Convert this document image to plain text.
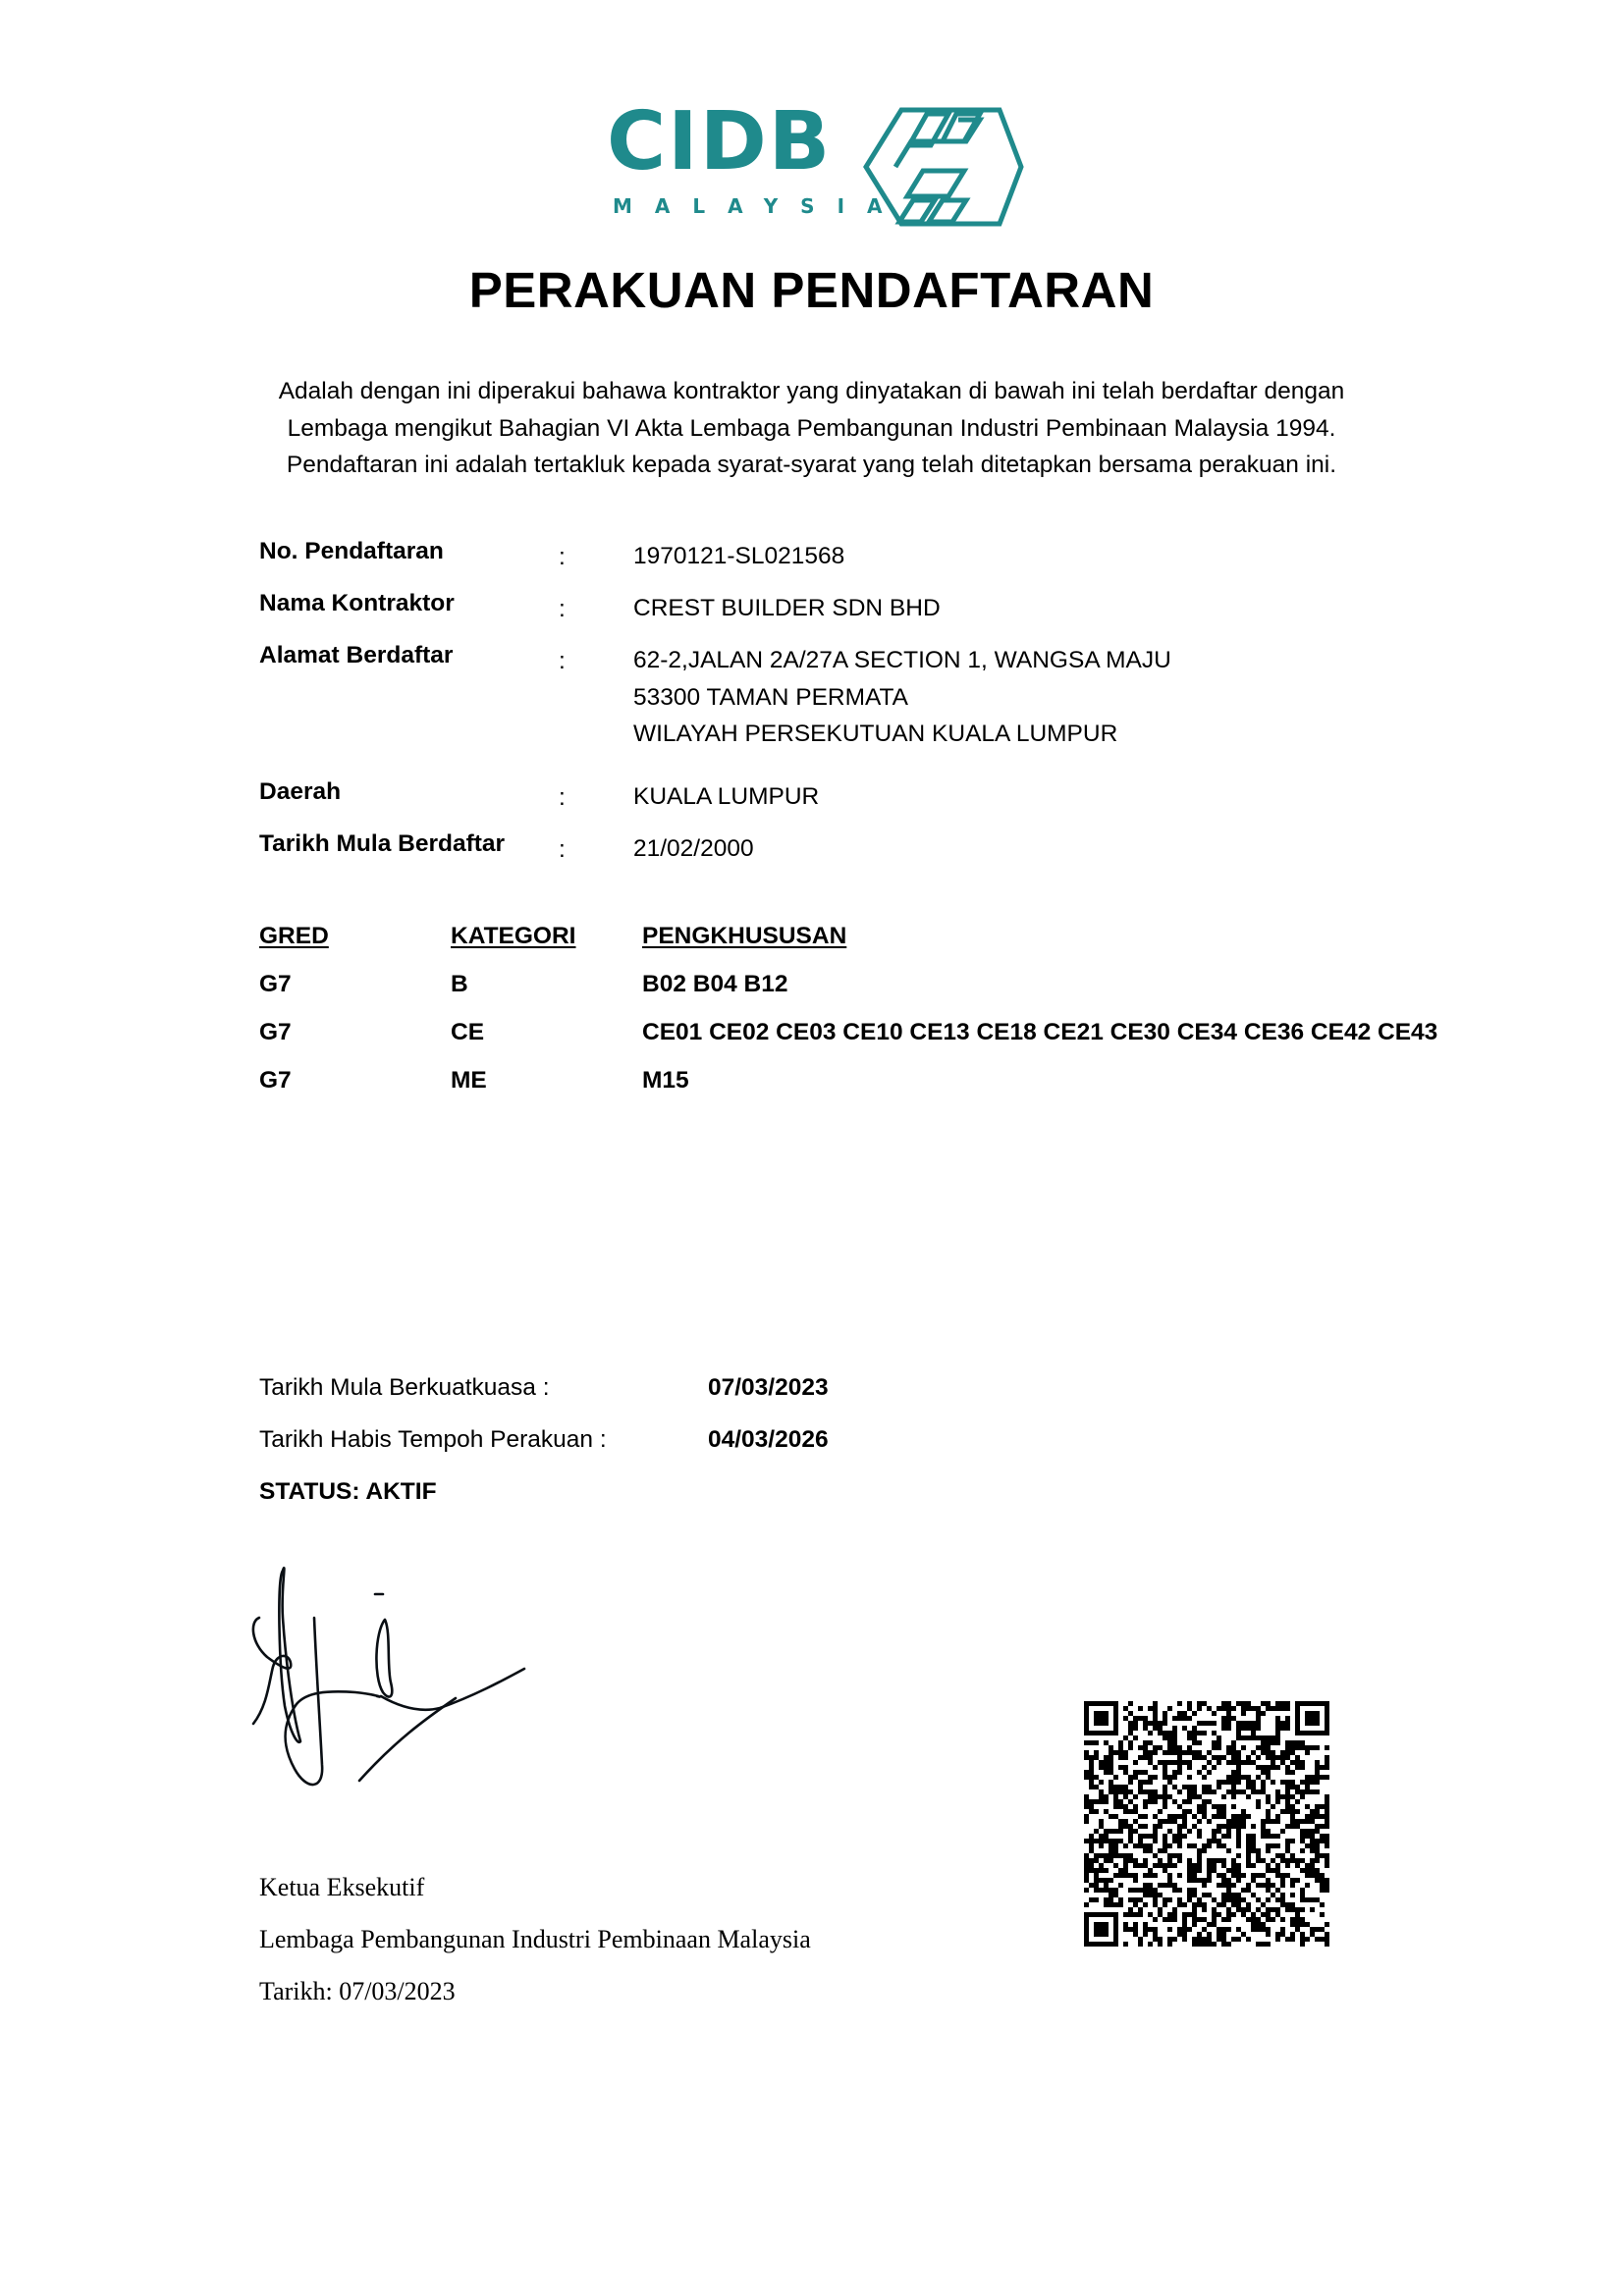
CIDB
MALAYSIA
PERAKUAN PENDAFTARAN
Adalah dengan ini diperakui bahawa kontraktor yang dinyatakan di bawah ini telah berdaftar dengan
Lembaga mengikut Bahagian VI Akta Lembaga Pembangunan Industri Pembinaan Malaysia 1994.
Pendaftaran ini adalah tertakluk kepada syarat-syarat yang telah ditetapkan bersama perakuan ini.
No. Pendaftaran	:	1970121-SL021568
Nama Kontraktor	:	CREST BUILDER SDN BHD
Alamat Berdaftar	:	62-2,JALAN 2A/27A SECTION 1, WANGSA MAJU
53300 TAMAN PERMATA
WILAYAH PERSEKUTUAN KUALA LUMPUR
Daerah	:	KUALA LUMPUR
Tarikh Mula Berdaftar :	21/02/2000
GRED	KATEGORI	PENGKHUSUSAN
G7	B	B02 B04 B12
G7	CE	CE01 CE02 CE03 CE10 CE13 CE18 CE21 CE30 CE34 CE36 CE42 CE43
G7	ME	M15
Tarikh Mula Berkuatkuasa :	07/03/2023
Tarikh Habis Tempoh Perakuan :	04/03/2026
STATUS: AKTIF
Ketua Eksekutif
Lembaga Pembangunan Industri Pembinaan Malaysia
Tarikh: 07/03/2023
